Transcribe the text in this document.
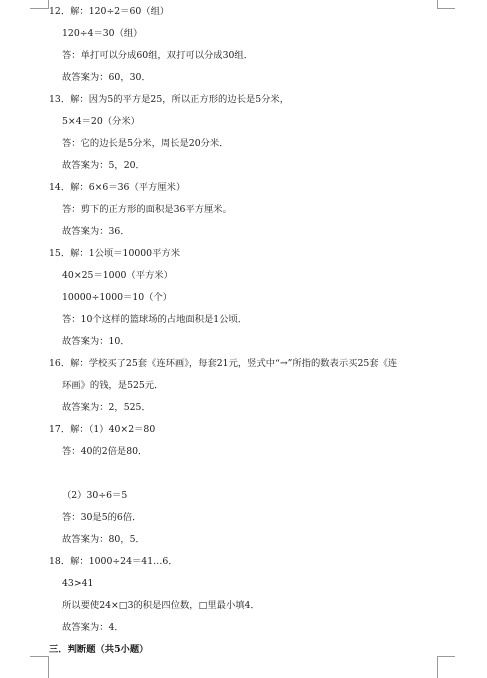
12．解：120÷2＝60（组）
120÷4＝30（组）
答：单打可以分成60组，双打可以分成30组．
故答案为：60，30．
13．解：因为5的平方是25，所以正方形的边长是5分米，
5×4＝20（分米）
答：它的边长是5分米，周长是20分米．
故答案为：5，20．
14．解：6×6＝36（平方厘米）
答：剪下的正方形的面积是36平方厘米。
故答案为：36．
15．解：1公顷＝10000平方米
40×25＝1000（平方米）
10000÷1000＝10（个）
答：10个这样的篮球场的占地面积是1公顷．
故答案为：10．
16．解：学校买了25套《连环画》，每套21元，竖式中“→”所指的数表示买25套《连
环画》的钱，是525元．
故答案为：2，525．
17．解：（1）40×2＝80
答：40的2倍是80．
（2）30÷6＝5
答：30是5的6倍．
故答案为：80，5．
18．解：1000÷24＝41…6．
43>41
所以要使24×□3的积是四位数，□里最小填4．
故答案为：4．
三．判断题（共5小题）
